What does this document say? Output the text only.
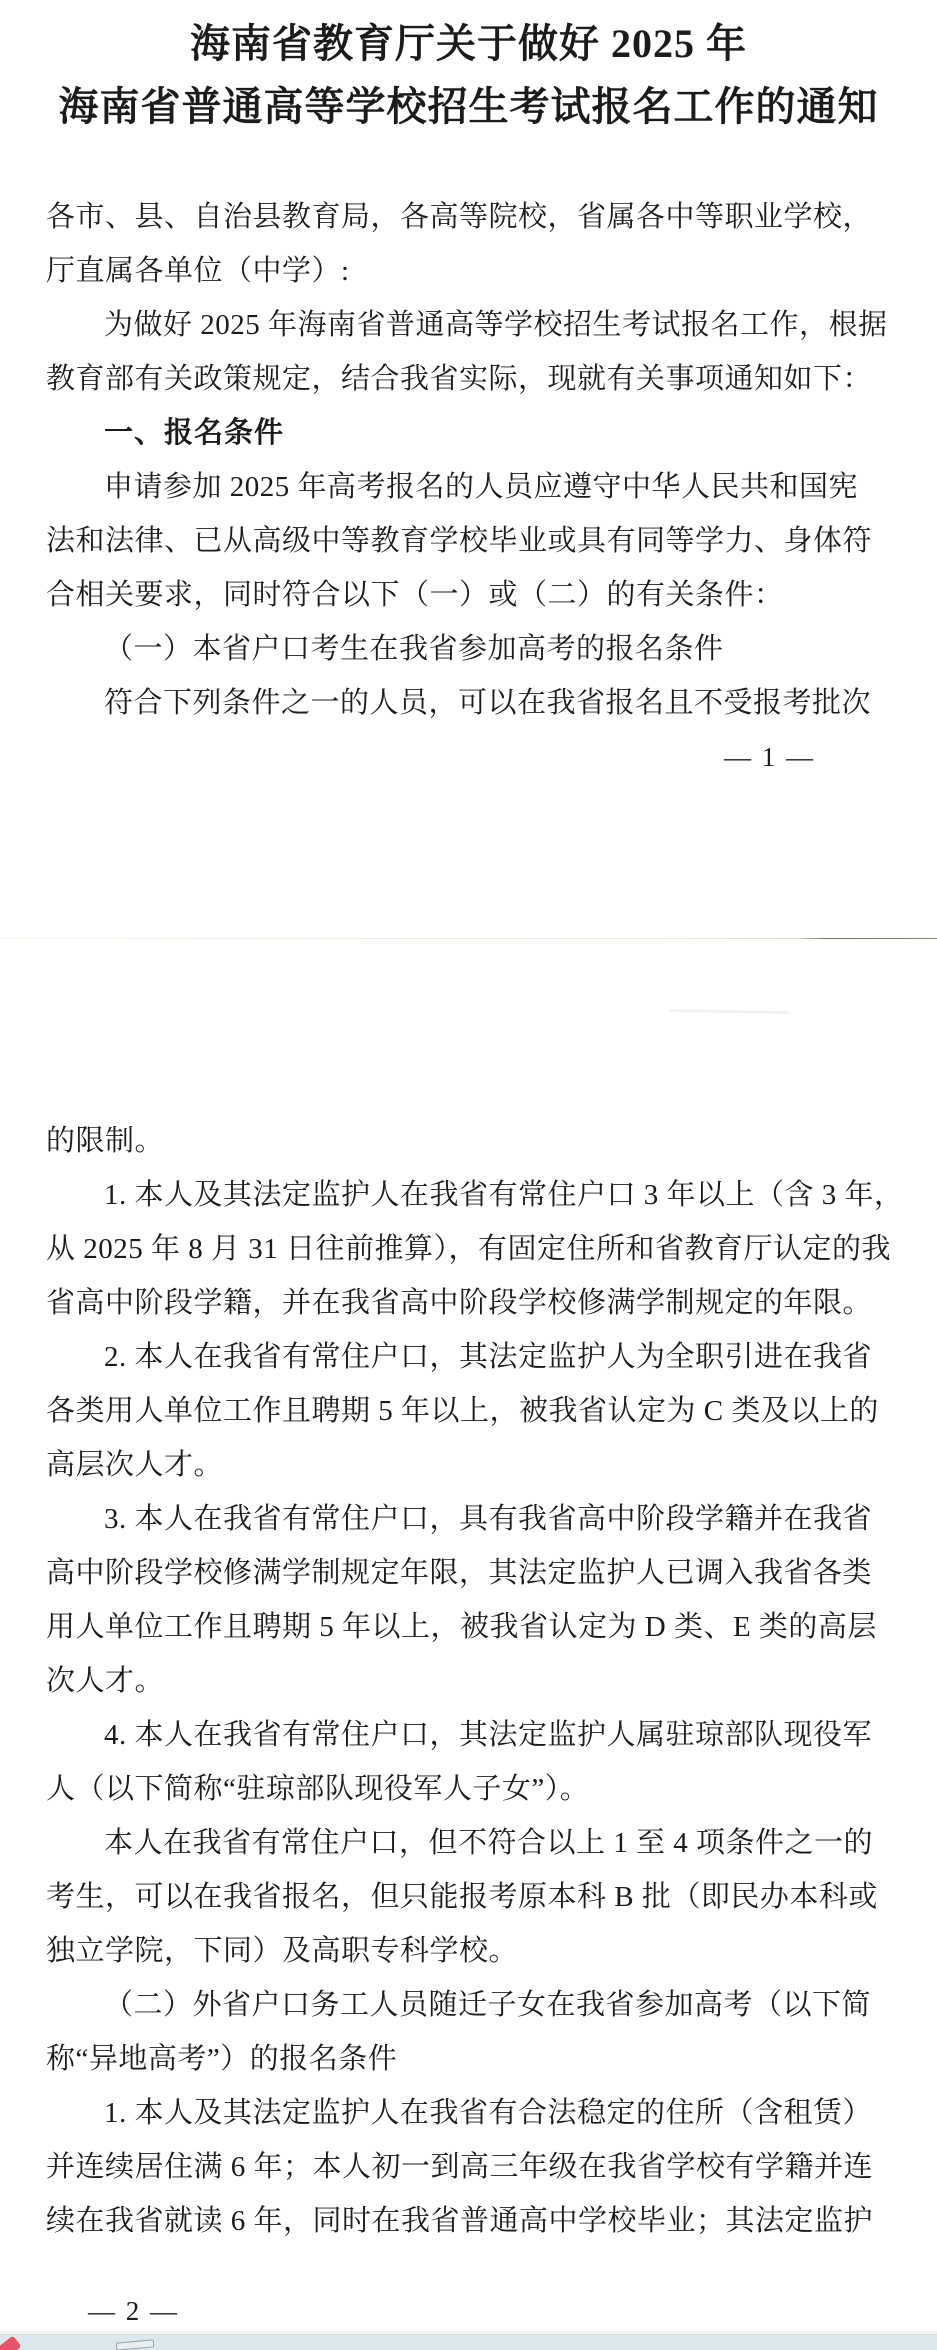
海南省教育厅关于做好 2025 年
海南省普通高等学校招生考试报名工作的通知
各市、县、自治县教育局，各高等院校，省属各中等职业学校，
厅直属各单位（中学）:
为做好 2025 年海南省普通高等学校招生考试报名工作，根据
教育部有关政策规定，结合我省实际，现就有关事项通知如下：
一、报名条件
申请参加 2025 年高考报名的人员应遵守中华人民共和国宪
法和法律、已从高级中等教育学校毕业或具有同等学力、身体符
合相关要求，同时符合以下（一）或（二）的有关条件：
（一）本省户口考生在我省参加高考的报名条件
符合下列条件之一的人员，可以在我省报名且不受报考批次
— 1 —
的限制。
1. 本人及其法定监护人在我省有常住户口 3 年以上（含 3 年，
从 2025 年 8 月 31 日往前推算），有固定住所和省教育厅认定的我
省高中阶段学籍，并在我省高中阶段学校修满学制规定的年限。
2. 本人在我省有常住户口，其法定监护人为全职引进在我省
各类用人单位工作且聘期 5 年以上，被我省认定为 C 类及以上的
高层次人才。
3. 本人在我省有常住户口，具有我省高中阶段学籍并在我省
高中阶段学校修满学制规定年限，其法定监护人已调入我省各类
用人单位工作且聘期 5 年以上，被我省认定为 D 类、E 类的高层
次人才。
4. 本人在我省有常住户口，其法定监护人属驻琼部队现役军
人（以下简称“驻琼部队现役军人子女”）。
本人在我省有常住户口，但不符合以上 1 至 4 项条件之一的
考生，可以在我省报名，但只能报考原本科 B 批（即民办本科或
独立学院，下同）及高职专科学校。
（二）外省户口务工人员随迁子女在我省参加高考（以下简
称“异地高考”）的报名条件
1. 本人及其法定监护人在我省有合法稳定的住所（含租赁）
并连续居住满 6 年；本人初一到高三年级在我省学校有学籍并连
续在我省就读 6 年，同时在我省普通高中学校毕业；其法定监护
— 2 —
